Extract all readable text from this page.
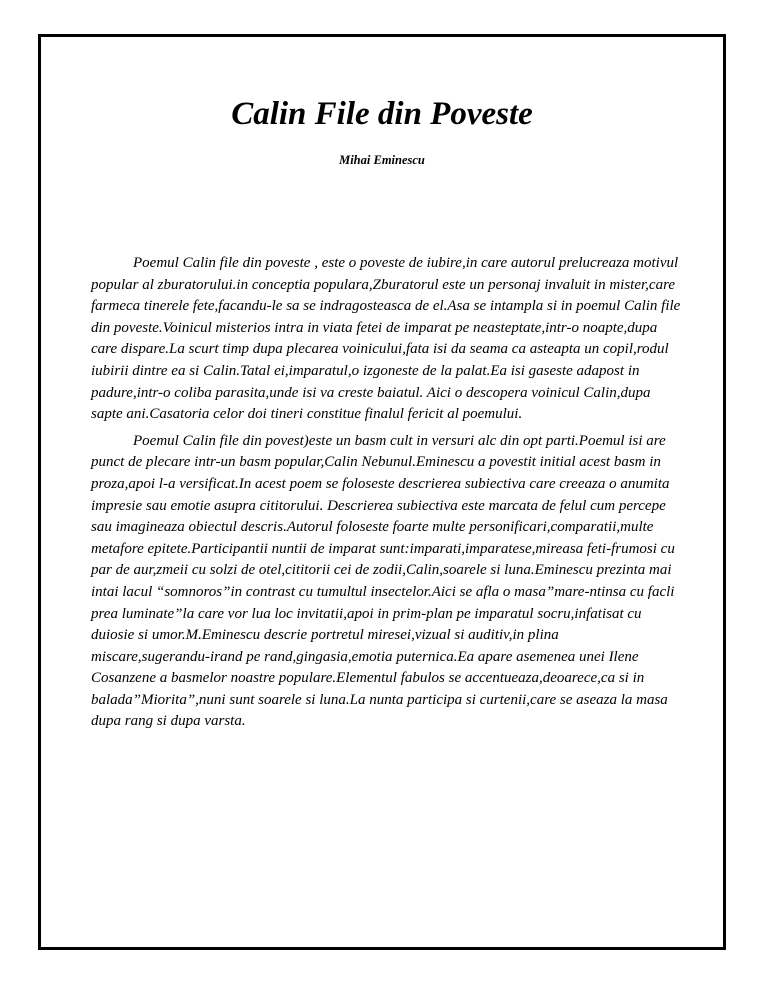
Calin File din Poveste
Mihai Eminescu

Poemul Calin file din poveste , este o poveste de iubire,in care autorul prelucreaza motivul popular al zburatorului.in conceptia populara,Zburatorul este un personaj invaluit in mister,care farmeca tinerele fete,facandu-le sa se indragosteasca de el.Asa se intampla si in poemul Calin file din poveste.Voinicul misterios intra in viata fetei de imparat pe neasteptate,intr-o noapte,dupa care dispare.La scurt timp dupa plecarea voinicului,fata isi da seama ca asteapta un copil,rodul iubirii dintre ea si Calin.Tatal ei,imparatul,o izgoneste de la palat.Ea isi gaseste adapost in padure,intr-o coliba parasita,unde isi va creste baiatul. Aici o descopera voinicul Calin,dupa sapte ani.Casatoria celor doi tineri constitue finalul fericit al poemului.

Poemul Calin file din povest)este un basm cult in versuri alc din opt parti.Poemul isi are punct de plecare intr-un basm popular,Calin Nebunul.Eminescu a povestit initial acest basm in proza,apoi l-a versificat.In acest poem se foloseste descrierea subiectiva care creeaza o anumita impresie sau emotie asupra cititorului. Descrierea subiectiva este marcata de felul cum percepe sau imagineaza obiectul descris.Autorul foloseste foarte multe personificari,comparatii,multe metafore epitete.Participantii nuntii de imparat sunt:imparati,imparatese,mireasa feti-frumosi cu par de aur,zmeii cu solzi de otel,cititorii cei de zodii,Calin,soarele si luna.Eminescu prezinta mai intai lacul “somnoros”in contrast cu tumultul insectelor.Aici se afla o masa”mare-ntinsa cu facli prea luminate”la care vor lua loc invitatii,apoi in prim-plan pe imparatul socru,infatisat cu duiosie si umor.M.Eminescu descrie portretul miresei,vizual si auditiv,in plina miscare,sugerandu-irand pe rand,gingasia,emotia puternica.Ea apare asemenea unei Ilene Cosanzene a basmelor noastre populare.Elementul fabulos se accentueaza,deoarece,ca si in balada”Miorita”,nuni sunt soarele si luna.La nunta participa si curtenii,care se aseaza la masa dupa rang si dupa varsta.
